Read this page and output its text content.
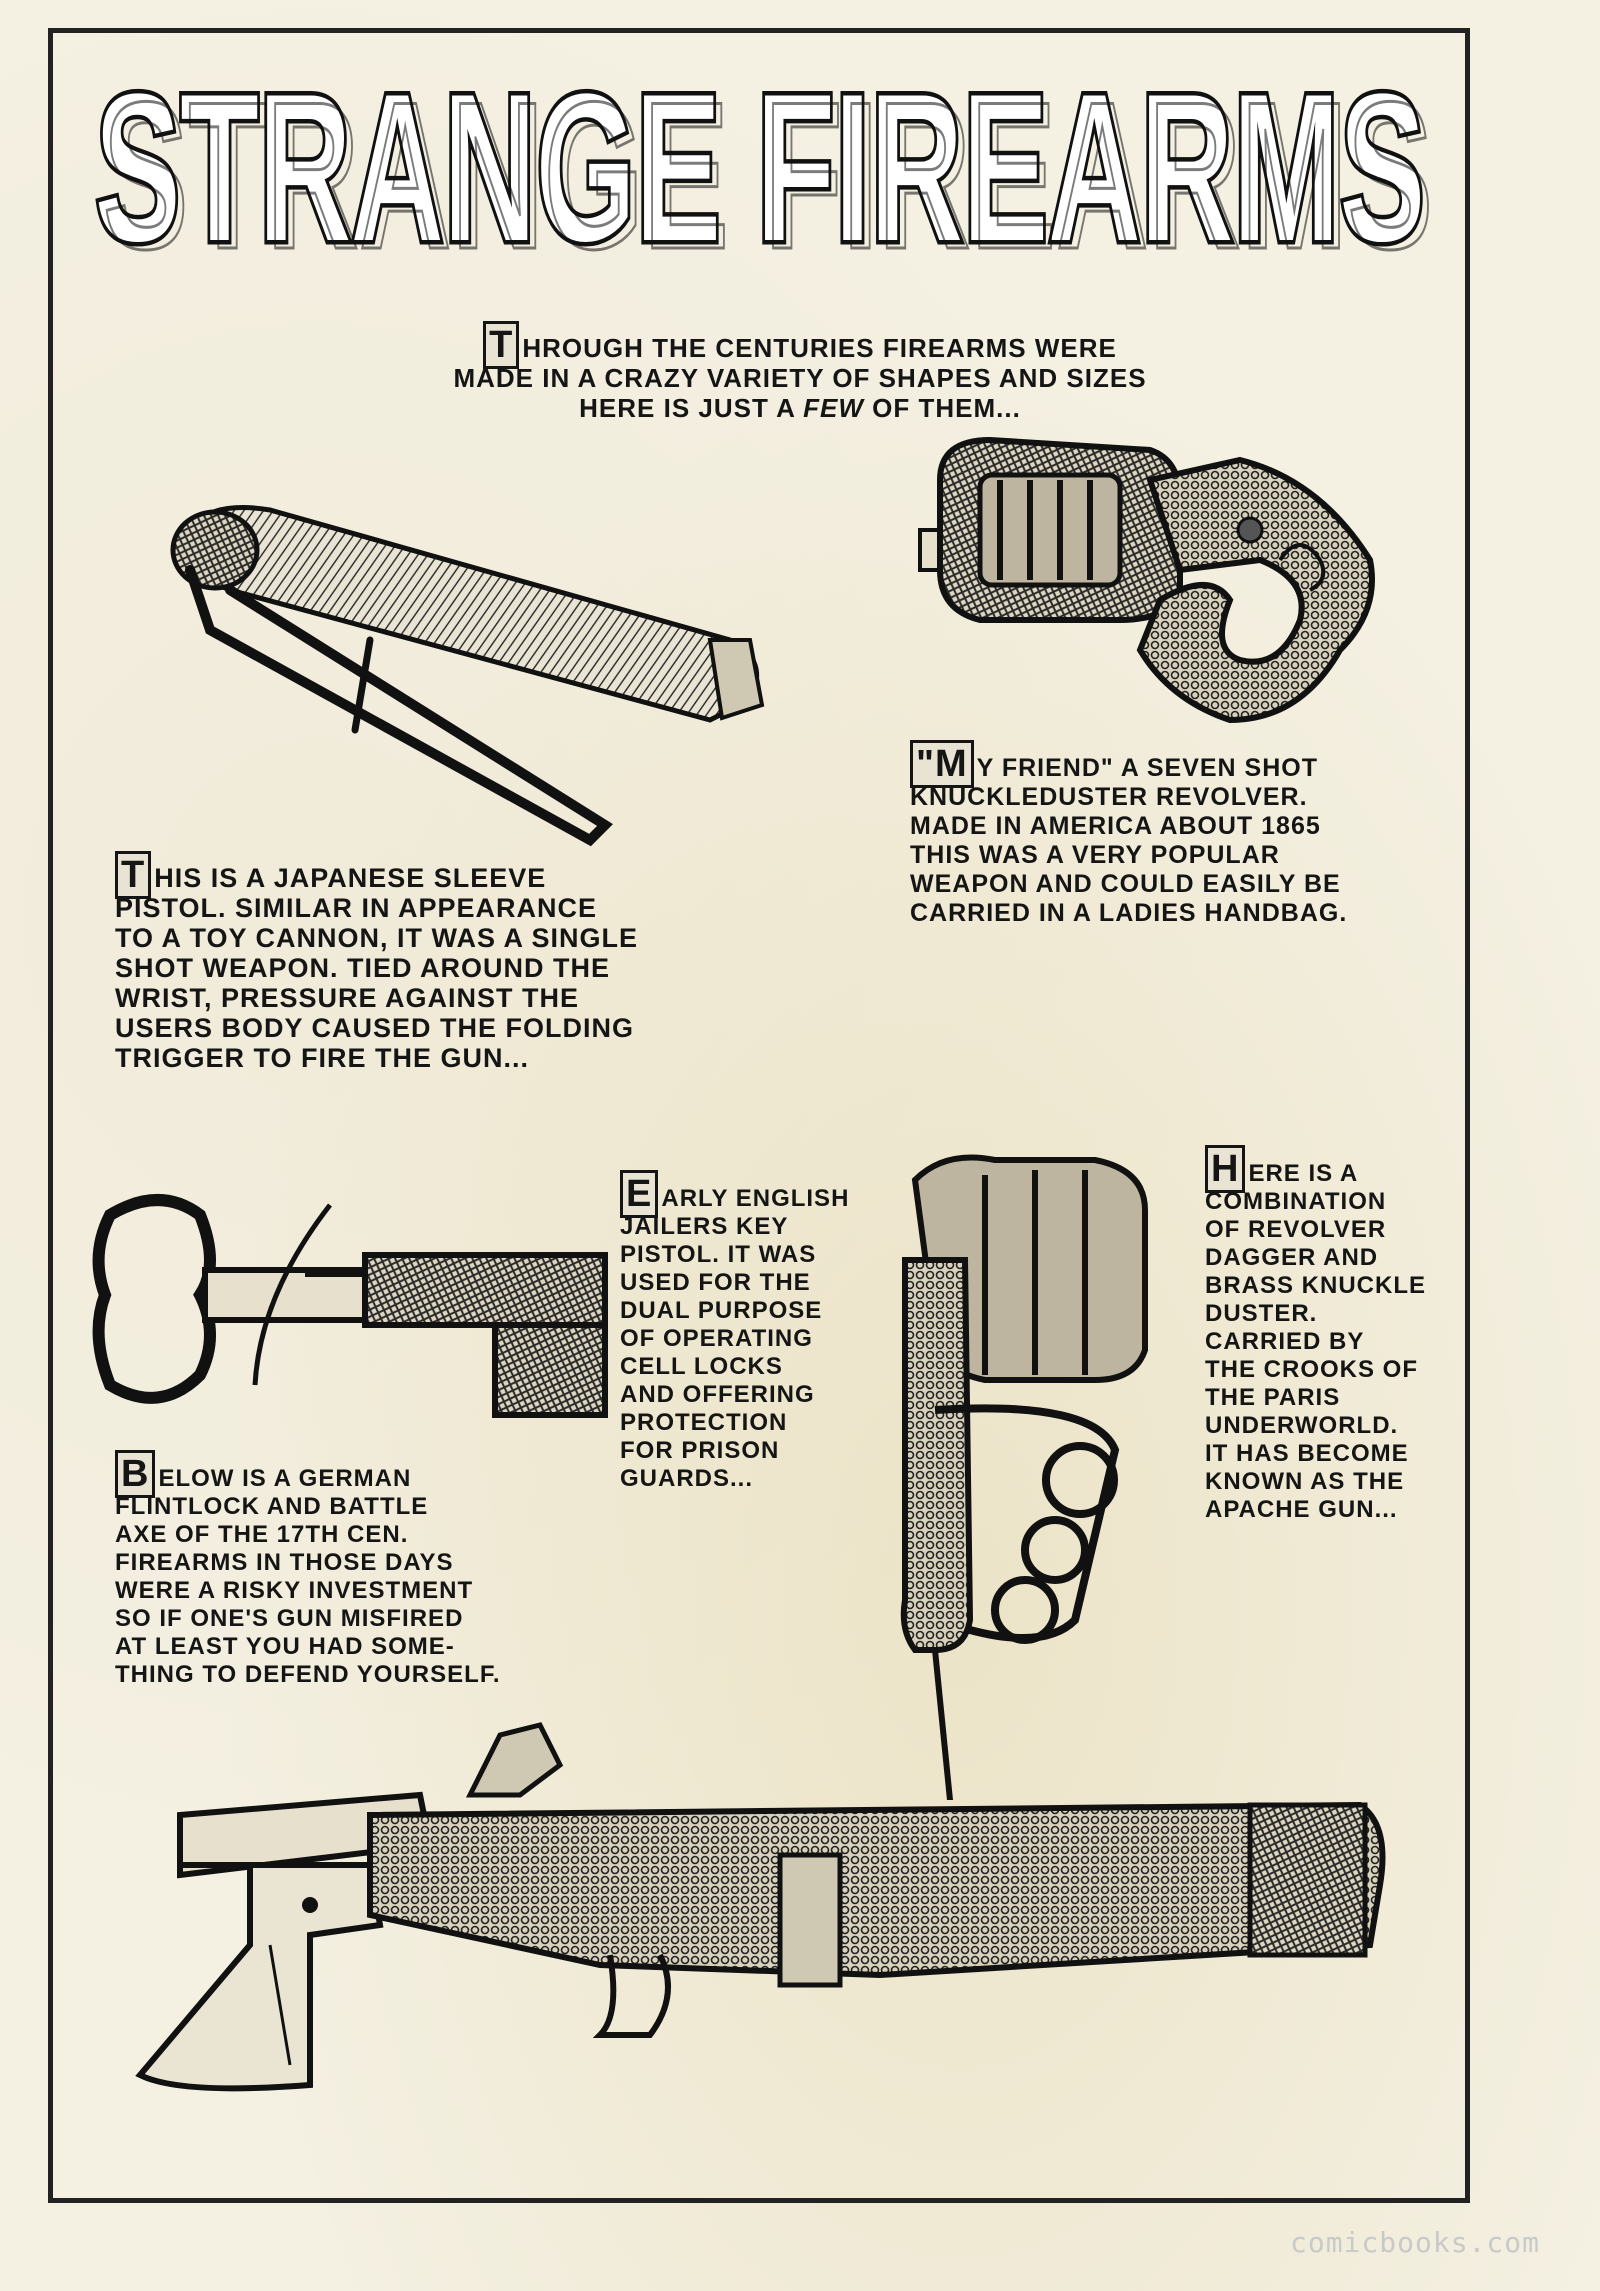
STRANGE FIREARMS
STRANGE FIREARMS

THROUGH THE CENTURIES FIREARMS WERE
MADE IN A CRAZY VARIETY OF SHAPES AND SIZES
HERE IS JUST A FEW OF THEM...

THIS IS A JAPANESE SLEEVE
PISTOL. SIMILAR IN APPEARANCE
TO A TOY CANNON, IT WAS A SINGLE
SHOT WEAPON. TIED AROUND THE
WRIST, PRESSURE AGAINST THE
USERS BODY CAUSED THE FOLDING
TRIGGER TO FIRE THE GUN...

"MY FRIEND" A SEVEN SHOT
KNUCKLEDUSTER REVOLVER.
MADE IN AMERICA ABOUT 1865
THIS WAS A VERY POPULAR
WEAPON AND COULD EASILY BE
CARRIED IN A LADIES HANDBAG.

EARLY ENGLISH
JAILERS KEY
PISTOL. IT WAS
USED FOR THE
DUAL PURPOSE
OF OPERATING
CELL LOCKS
AND OFFERING
PROTECTION
FOR PRISON
GUARDS...

HERE IS A
COMBINATION
OF REVOLVER
DAGGER AND
BRASS KNUCKLE
DUSTER.
CARRIED BY
THE CROOKS OF
THE PARIS
UNDERWORLD.
IT HAS BECOME
KNOWN AS THE
APACHE GUN...

BELOW IS A GERMAN
FLINTLOCK AND BATTLE
AXE OF THE 17TH CEN.
FIREARMS IN THOSE DAYS
WERE A RISKY INVESTMENT
SO IF ONE'S GUN MISFIRED
AT LEAST YOU HAD SOME-
THING TO DEFEND YOURSELF.

comicbooks.com
